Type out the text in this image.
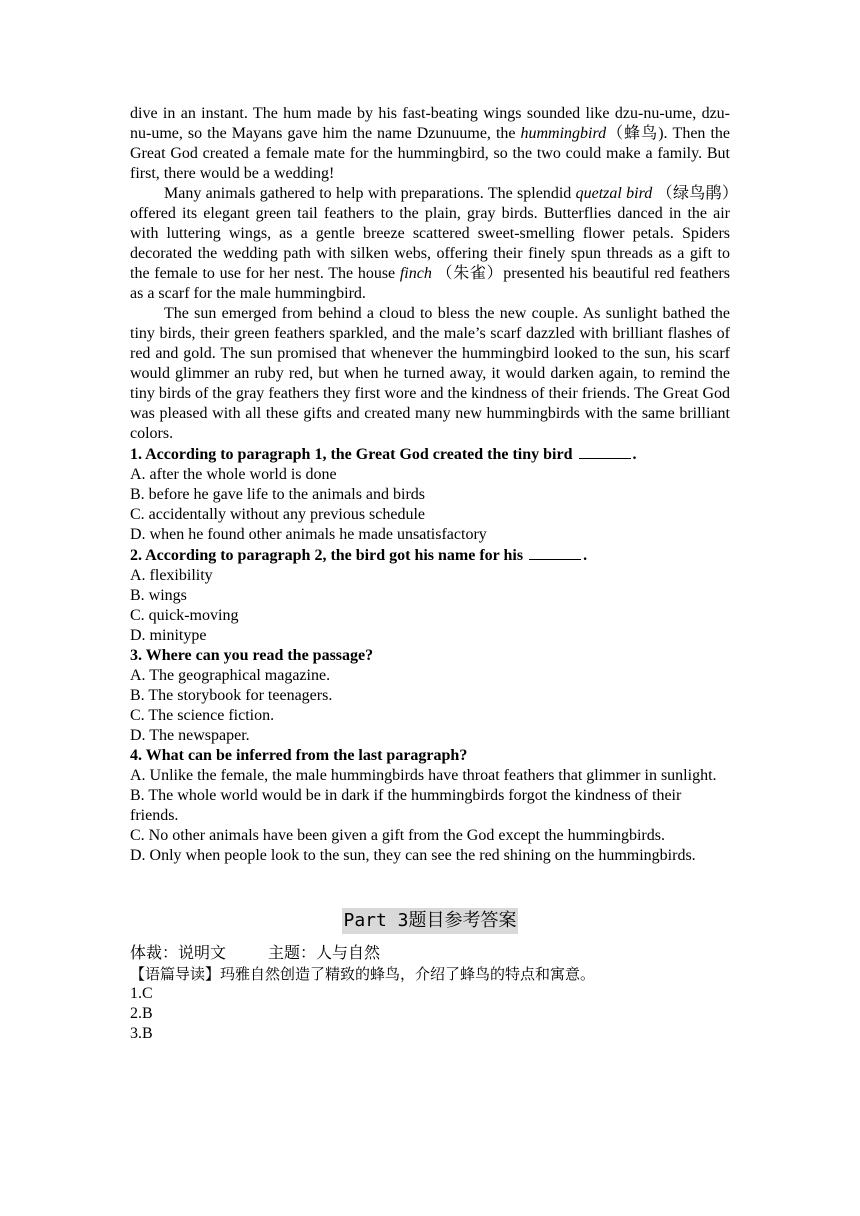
dive in an instant. The hum made by his fast-beating wings sounded like dzu-nu-ume, dzu-nu-ume, so the Mayans gave him the name Dzunuume, the hummingbird（蜂鸟). Then the Great God created a female mate for the hummingbird, so the two could make a family. But first, there would be a wedding!

Many animals gathered to help with preparations. The splendid quetzal bird （绿鸟鹃）offered its elegant green tail feathers to the plain, gray birds. Butterflies danced in the air with luttering wings, as a gentle breeze scattered sweet-smelling flower petals. Spiders decorated the wedding path with silken webs, offering their finely spun threads as a gift to the female to use for her nest. The house finch （朱雀）presented his beautiful red feathers as a scarf for the male hummingbird.

The sun emerged from behind a cloud to bless the new couple. As sunlight bathed the tiny birds, their green feathers sparkled, and the male’s scarf dazzled with brilliant flashes of red and gold. The sun promised that whenever the hummingbird looked to the sun, his scarf would glimmer an ruby red, but when he turned away, it would darken again, to remind the tiny birds of the gray feathers they first wore and the kindness of their friends. The Great God was pleased with all these gifts and created many new hummingbirds with the same brilliant colors.

1. According to paragraph 1, the Great God created the tiny bird	.

A. after the whole world is done

B. before he gave life to the animals and birds

C. accidentally without any previous schedule

D. when he found other animals he made unsatisfactory

2. According to paragraph 2, the bird got his name for his	.

A. flexibility

B. wings

C. quick-moving

D. minitype

3. Where can you read the passage?

A. The geographical magazine.

B. The storybook for teenagers.

C. The science fiction.

D. The newspaper.

4. What can be inferred from the last paragraph?

A. Unlike the female, the male hummingbirds have throat feathers that glimmer in sunlight.

B. The whole world would be in dark if the hummingbirds forgot the kindness of their friends.

C. No other animals have been given a gift from the God except the hummingbirds.

D. Only when people look to the sun, they can see the red shining on the hummingbirds.

Part 3题目参考答案

体裁：说明文	主题：人与自然

【语篇导读】玛雅自然创造了精致的蜂鸟，介绍了蜂鸟的特点和寓意。

1.C

2.B

3.B
